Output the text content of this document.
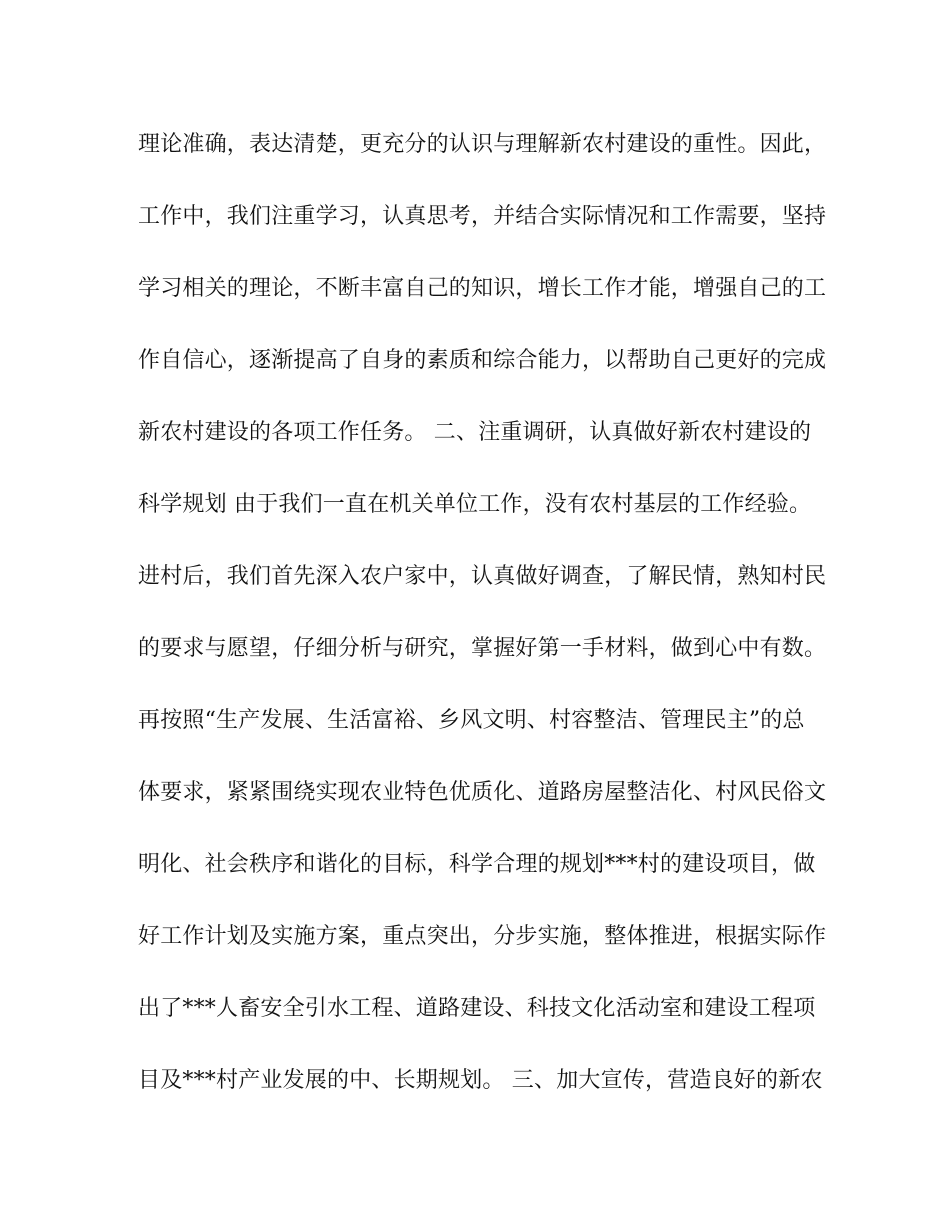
理论准确，表达清楚，更充分的认识与理解新农村建设的重性。因此，
工作中，我们注重学习，认真思考，并结合实际情况和工作需要，坚持
学习相关的理论，不断丰富自己的知识，增长工作才能，增强自己的工
作自信心，逐渐提高了自身的素质和综合能力，以帮助自己更好的完成
新农村建设的各项工作任务。 二、注重调研，认真做好新农村建设的
科学规划 由于我们一直在机关单位工作，没有农村基层的工作经验。
进村后，我们首先深入农户家中，认真做好调查，了解民情，熟知村民
的要求与愿望，仔细分析与研究，掌握好第一手材料，做到心中有数。
再按照“生产发展、生活富裕、乡风文明、村容整洁、管理民主”的总
体要求，紧紧围绕实现农业特色优质化、道路房屋整洁化、村风民俗文
明化、社会秩序和谐化的目标，科学合理的规划***村的建设项目，做
好工作计划及实施方案，重点突出，分步实施，整体推进，根据实际作
出了***人畜安全引水工程、道路建设、科技文化活动室和建设工程项
目及***村产业发展的中、长期规划。 三、加大宣传，营造良好的新农
